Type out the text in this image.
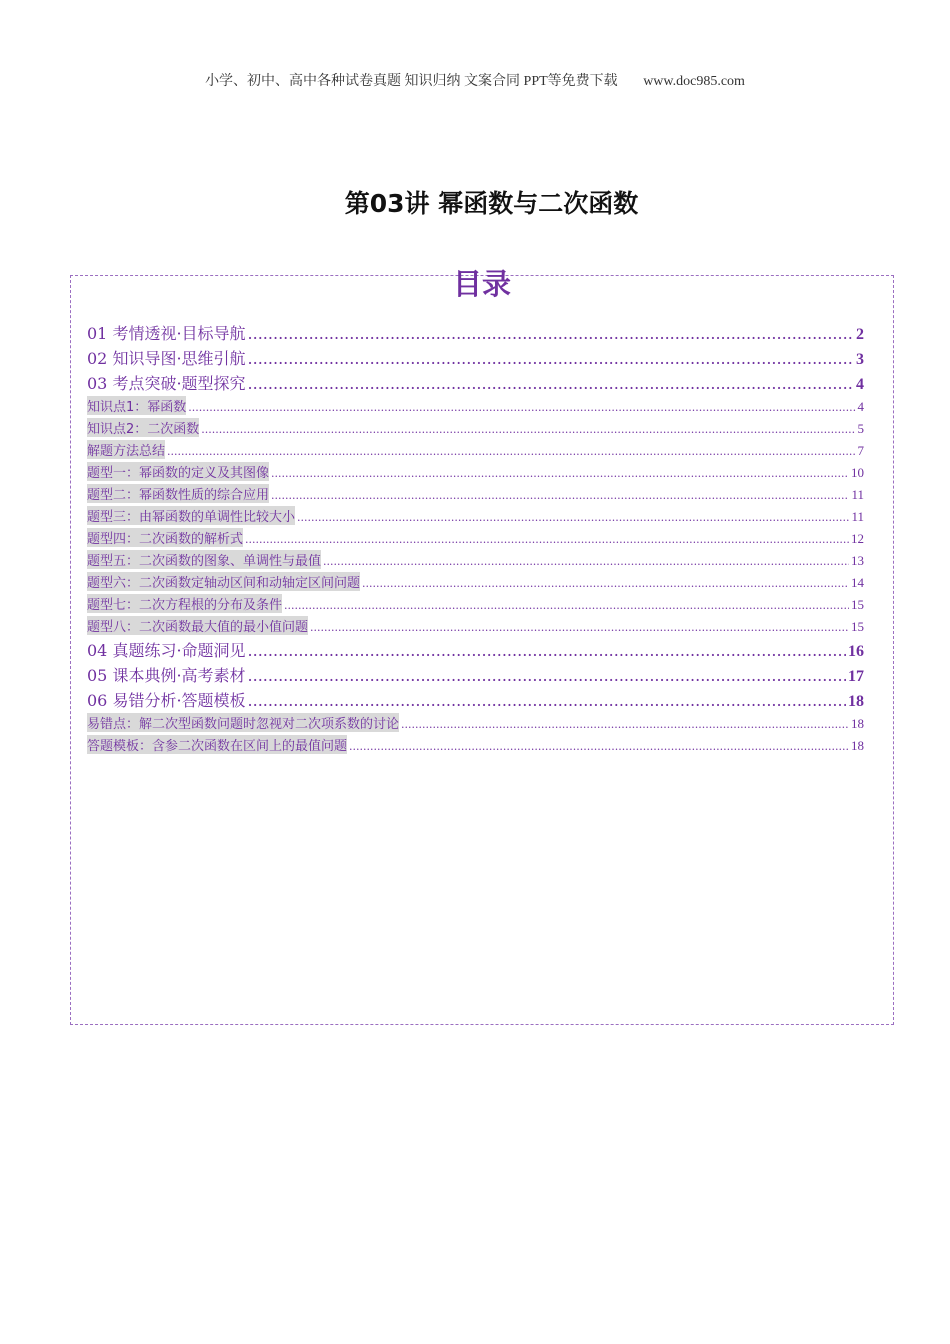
小学、初中、高中各种试卷真题 知识归纳 文案合同 PPT等免费下载 www.doc985.com
第03讲 幂函数与二次函数
目录
01 考情透视·目标导航 .....	2
02 知识导图·思维引航 .....	3
03 考点突破·题型探究 .....	4
知识点1：幂函数 .....	4
知识点2：二次函数 .....	5
解题方法总结 .....	7
题型一：幂函数的定义及其图像 .....	10
题型二：幂函数性质的综合应用 .....	11
题型三：由幂函数的单调性比较大小 .....	11
题型四：二次函数的解析式 .....	12
题型五：二次函数的图象、单调性与最值 .....	13
题型六：二次函数定轴动区间和动轴定区间问题 .....	14
题型七：二次方程根的分布及条件 .....	15
题型八：二次函数最大值的最小值问题 .....	15
04 真题练习·命题洞见 .....	16
05 课本典例·高考素材 .....	17
06 易错分析·答题模板 .....	18
易错点：解二次型函数问题时忽视对二次项系数的讨论 .....	18
答题模板：含参二次函数在区间上的最值问题 .....	18
